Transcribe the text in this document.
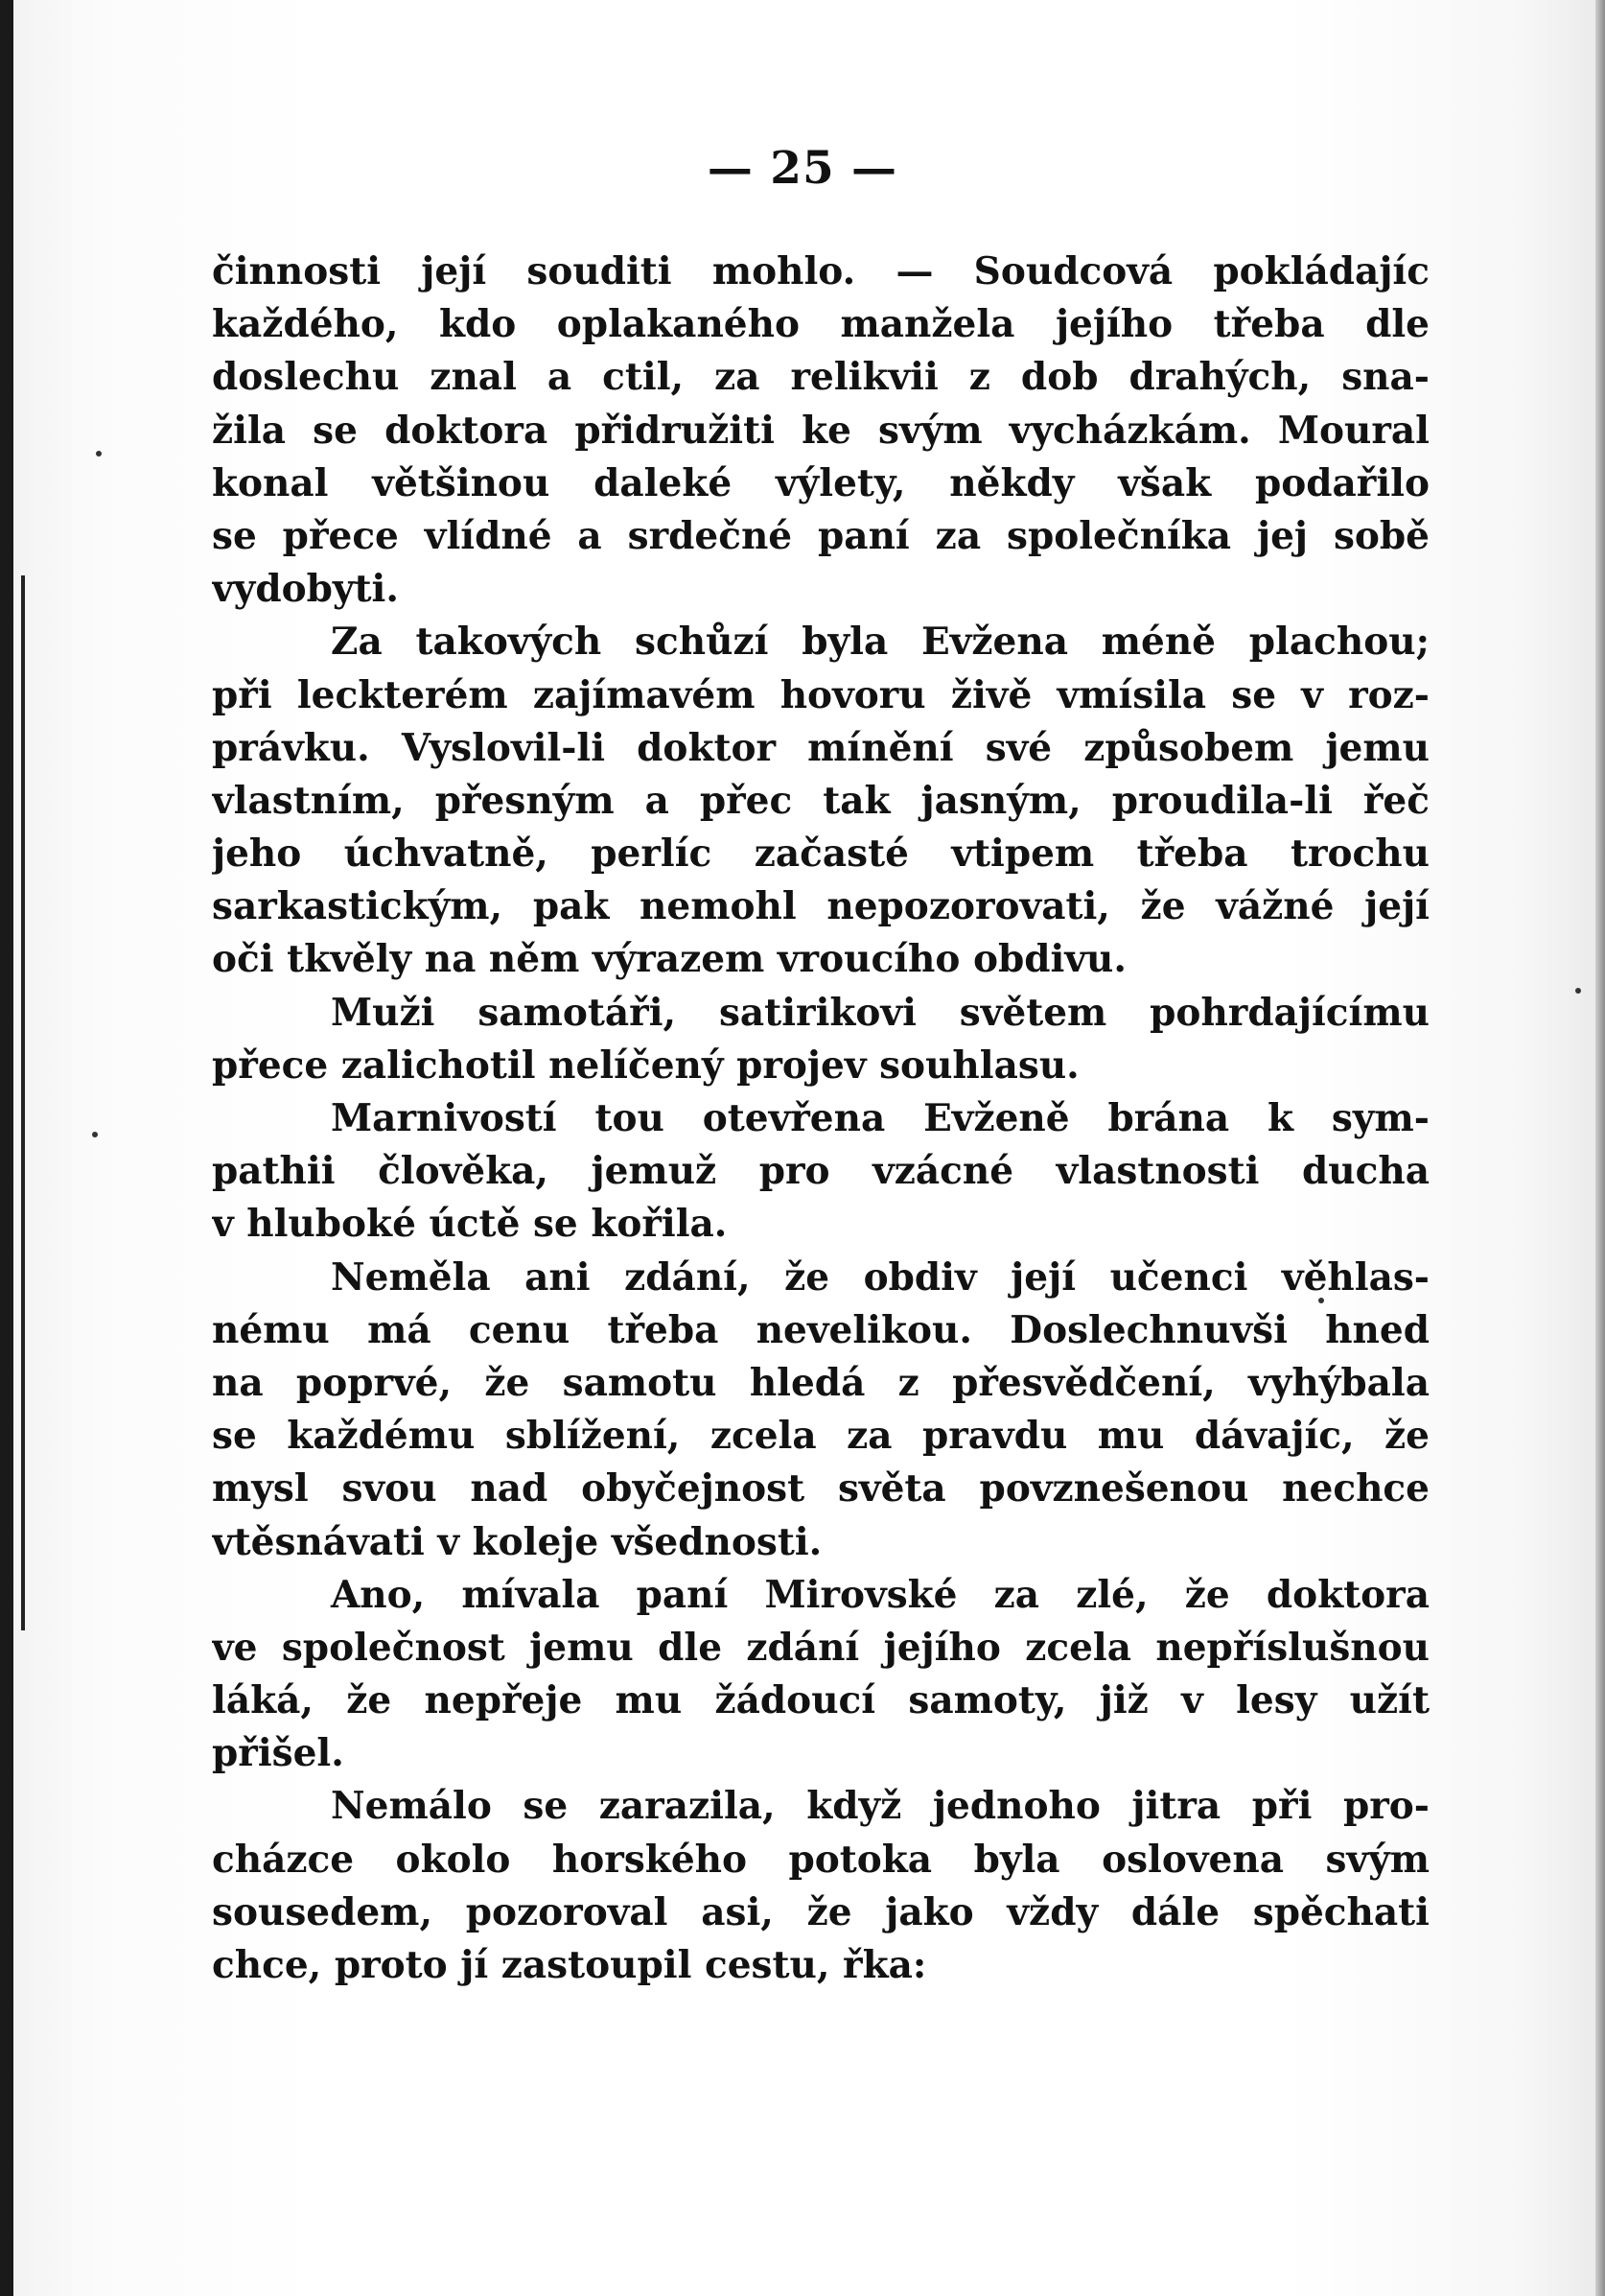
— 25 —
činnosti její souditi mohlo. — Soudcová pokládajíc
každého, kdo oplakaného manžela jejího třeba dle
doslechu znal a ctil, za relikvii z dob drahých, sna-
žila se doktora přidružiti ke svým vycházkám. Moural
konal většinou daleké výlety, někdy však podařilo
se přece vlídné a srdečné paní za společníka jej sobě
vydobyti.
Za takových schůzí byla Evžena méně plachou;
při leckterém zajímavém hovoru živě vmísila se v roz-
právku. Vyslovil-li doktor mínění své způsobem jemu
vlastním, přesným a přec tak jasným, proudila-li řeč
jeho úchvatně, perlíc začasté vtipem třeba trochu
sarkastickým, pak nemohl nepozorovati, že vážné její
oči tkvěly na něm výrazem vroucího obdivu.
Muži samotáři, satirikovi světem pohrdajícímu
přece zalichotil nelíčený projev souhlasu.
Marnivostí tou otevřena Evženě brána k sym-
pathii člověka, jemuž pro vzácné vlastnosti ducha
v hluboké úctě se kořila.
Neměla ani zdání, že obdiv její učenci věhlas-
nému má cenu třeba nevelikou. Doslechnuvši hned
na poprvé, že samotu hledá z přesvědčení, vyhýbala
se každému sblížení, zcela za pravdu mu dávajíc, že
mysl svou nad obyčejnost světa povznešenou nechce
vtěsnávati v koleje všednosti.
Ano, mívala paní Mirovské za zlé, že doktora
ve společnost jemu dle zdání jejího zcela nepříslušnou
láká, že nepřeje mu žádoucí samoty, již v lesy užít
přišel.
Nemálo se zarazila, když jednoho jitra při pro-
cházce okolo horského potoka byla oslovena svým
sousedem, pozoroval asi, že jako vždy dále spěchati
chce, proto jí zastoupil cestu, řka:
